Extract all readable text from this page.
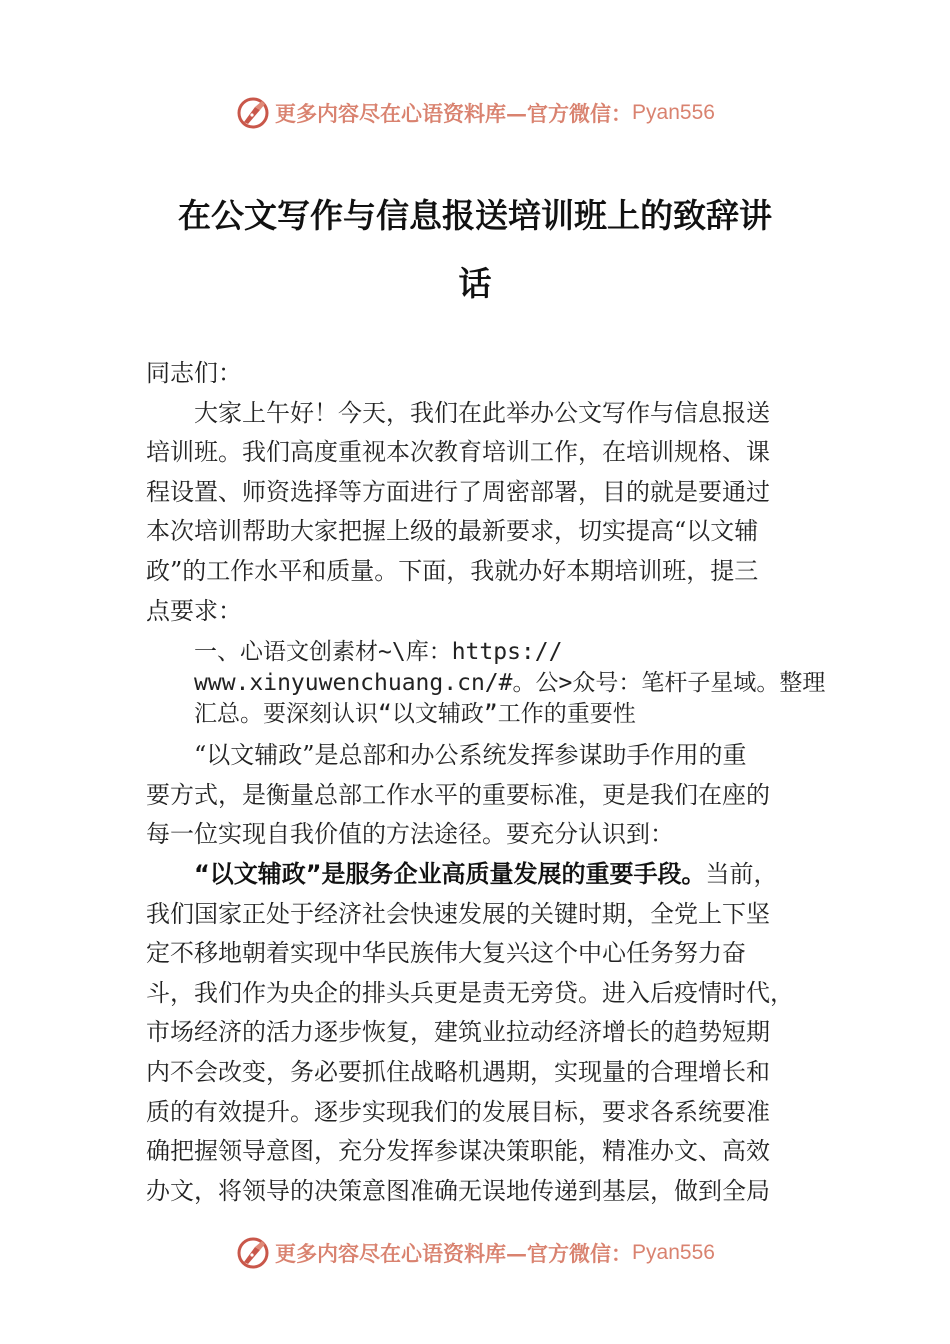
更多内容尽在心语资料库—官方微信： Pyan556
在公文写作与信息报送培训班上的致辞讲
话
同志们：
大家上午好！今天，我们在此举办公文写作与信息报送
培训班。我们高度重视本次教育培训工作，在培训规格、课
程设置、师资选择等方面进行了周密部署，目的就是要通过
本次培训帮助大家把握上级的最新要求，切实提高“以文辅
政”的工作水平和质量。下面，我就办好本期培训班，提三
点要求：
一、心语文创素材~\库：https://
www.xinyuwenchuang.cn/#。公>众号：笔杆子星域。整理
汇总。要深刻认识“以文辅政”工作的重要性
“以文辅政”是总部和办公系统发挥参谋助手作用的重
要方式，是衡量总部工作水平的重要标准，更是我们在座的
每一位实现自我价值的方法途径。要充分认识到：
“以文辅政”是服务企业高质量发展的重要手段。当前，
我们国家正处于经济社会快速发展的关键时期，全党上下坚
定不移地朝着实现中华民族伟大复兴这个中心任务努力奋
斗，我们作为央企的排头兵更是责无旁贷。进入后疫情时代，
市场经济的活力逐步恢复，建筑业拉动经济增长的趋势短期
内不会改变，务必要抓住战略机遇期，实现量的合理增长和
质的有效提升。逐步实现我们的发展目标，要求各系统要准
确把握领导意图，充分发挥参谋决策职能，精准办文、高效
办文，将领导的决策意图准确无误地传递到基层，做到全局
更多内容尽在心语资料库—官方微信： Pyan556
